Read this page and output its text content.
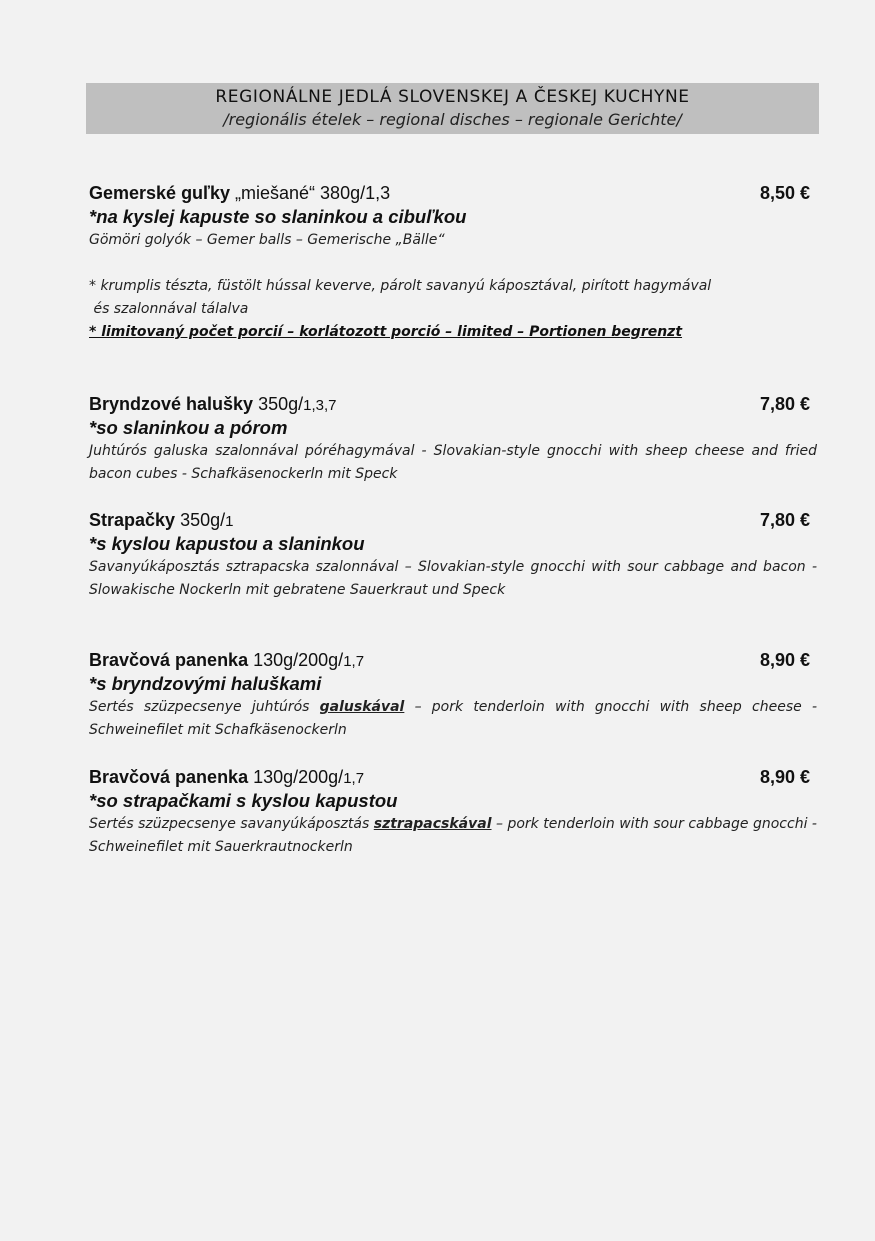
REGIONÁLNE JEDLÁ SLOVENSKEJ A ČESKEJ KUCHYNE
/regionális ételek – regional disches – regionale Gerichte/
Gemerské guľky „miešané“ 380g/1,3	8,50 €
*na kyslej kapuste so slaninkou a cibuľkou
Gömöri golyók – Gemer balls – Gemerische „Bälle“
* krumplis tészta, füstölt hússal keverve, párolt savanyú káposztával, pirított hagymával
és szalonnával tálalva
* limitovaný počet porcií – korlátozott porció – limited – Portionen begrenzt
Bryndzové halušky 350g/1,3,7	7,80 €
*so slaninkou a pórom
Juhtúrós galuska szalonnával póréhagymával - Slovakian-style gnocchi with sheep cheese and fried bacon cubes - Schafkäsenockerln mit Speck
Strapačky 350g/1	7,80 €
*s kyslou kapustou a slaninkou
Savanyúkáposztás sztrapacska szalonnával – Slovakian-style gnocchi with sour cabbage and bacon - Slowakische Nockerln mit gebratene Sauerkraut und Speck
Bravčová panenka 130g/200g/1,7	8,90 €
*s bryndzovými haluškami
Sertés szüzpecsenye juhtúrós galuskával – pork tenderloin with gnocchi with sheep cheese - Schweinefilet mit Schafkäsenockerln
Bravčová panenka 130g/200g/1,7	8,90 €
*so strapačkami s kyslou kapustou
Sertés szüzpecsenye savanyúkáposztás sztrapacskával – pork tenderloin with sour cabbage gnocchi - Schweinefilet mit Sauerkrautnockerln
